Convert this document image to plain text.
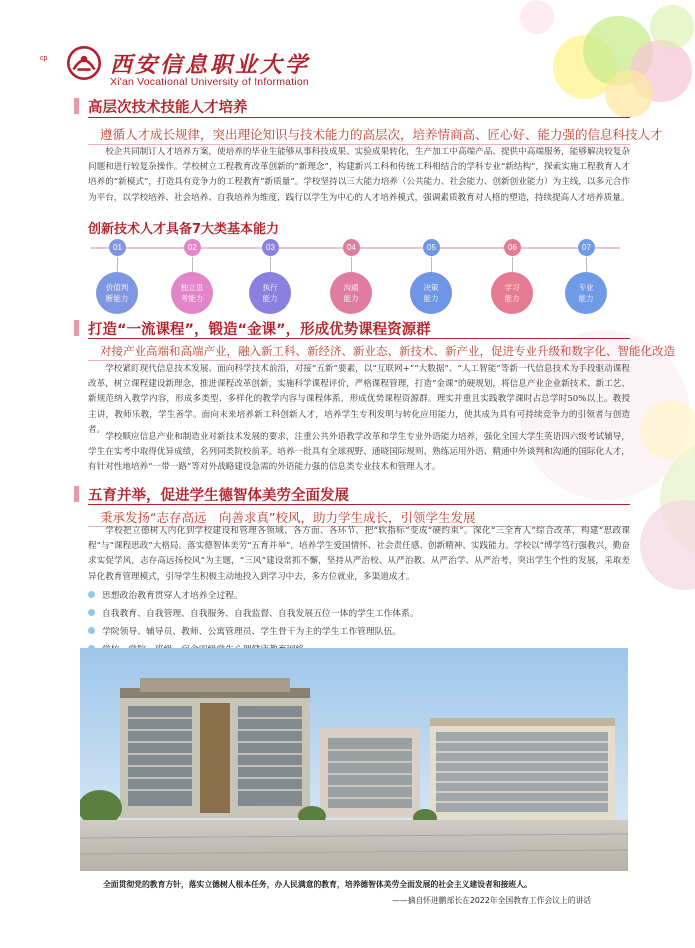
cp	西安信息职业大学
Xi'an Vocational University of Information
高层次技术技能人才培养
遵循人才成长规律，突出理论知识与技术能力的高层次，培养情商高、匠心好、能力强的信息科技人才
校企共同制订人才培养方案，使培养的毕业生能够从事科技成果、实验成果转化，生产加工中高端产品、提供中高端服务，能够解决较复杂问题和进行较复杂操作。学校树立工程教育改革创新的“新理念”，构建新兴工科和传统工科相结合的学科专业“新结构”，探索实施工程教育人才培养的“新模式”，打造具有竞争力的工程教育“新质量”。学校坚持以三大能力培养（公共能力、社会能力、创新创业能力）为主线，以多元合作为平台，以学校培养、社会培养、自我培养为维度，践行以学生为中心的人才培养模式，强调素质教育对人格的塑造，持续提高人才培养质量。
创新技术人才具备7大类基本能力
01
价值判
断能力
02
独立思
考能力
03
执行
能力
04
沟通
能力
05
决策
能力
06
学习
能力
07
专业
能力
打造“一流课程”，锻造“金课”，形成优势课程资源群
对接产业高端和高端产业，融入新工科、新经济、新业态、新技术、新产业，促进专业升级和数字化、智能化改造
学校紧盯现代信息技术发展、面向科学技术前沿，对接“五新”要素，以“互联网+”“大数据”、“人工智能”等新一代信息技术为手段驱动课程改革，树立课程建设新理念，推进课程改革创新，实施科学课程评价，严格课程管理，打造“金课”的硬规划，将信息产业企业新技术、新工艺、新规范纳入教学内容，形成多类型、多样化的教学内容与课程体系，形成优势课程资源群。理实并重且实践教学课时占总学时50%以上。教授主讲，教师乐教，学生善学。面向未来培养新工科创新人才，培养学生专利发明与转化应用能力，使其成为具有可持续竞争力的引领者与创造者。
学校顺应信息产业和制造业对新技术发展的要求，注重公共外语教学改革和学生专业外语能力培养，强化全国大学生英语四六级考试辅导，学生在实考中取得优异成绩，名列同类院校前茅。培养一批具有全球视野、通晓国际规则、熟练运用外语、精通中外谈判和沟通的国际化人才，有针对性地培养“一带一路”等对外战略建设急需的外语能力强的信息类专业技术和管理人才。
五育并举，促进学生德智体美劳全面发展
秉承发扬“志存高远　向善求真”校风，助力学生成长，引领学生发展
学校把立德树人内化到学校建设和管理各领域、各方面、各环节，把“软指标”变成“硬约束”。深化“三全育人”综合改革，构建“思政课程”与“课程思政”大格局。落实德智体美劳“五育并举”，培养学生爱国情怀、社会责任感、创新精神、实践能力。学校以“博学笃行强教兴，勤奋求实促学风，志存高远扬校风”为主题，“三风”建设常抓不懈，坚持从严治校、从严治教、从严治学、从严治考，突出学生个性的发展，采取差异化教育管理模式，引导学生积极主动地投入到学习中去，多方位就业，多渠道成才。
思想政治教育贯穿人才培养全过程。
自我教育、自我管理、自我服务、自我监督、自我发展五位一体的学生工作体系。
学院领导、辅导员、教师、公寓管理员、学生骨干为主的学生工作管理队伍。
全面贯彻党的教育方针，落实立德树人根本任务，办人民满意的教育，培养德智体美劳全面发展的社会主义建设者和接班人。
——摘自怀进鹏部长在2022年全国教育工作会议上的讲话
